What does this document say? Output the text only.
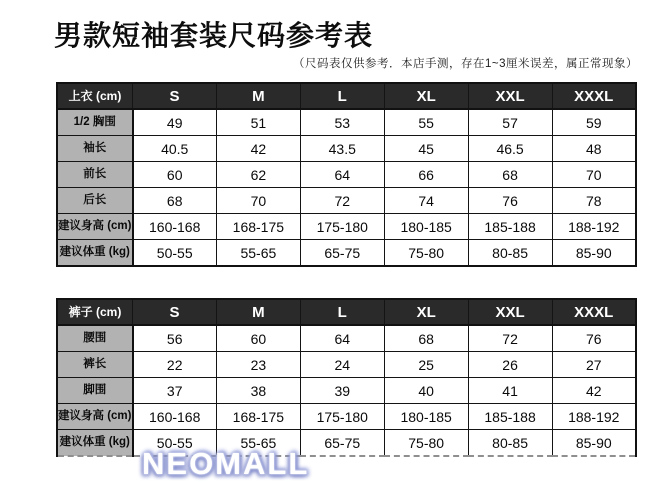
男款短袖套装尺码参考表
（尺码表仅供参考．本店手测，存在1~3厘米误差，属正常现象）
上衣 (cm)	S	M	L	XL	XXL	XXXL
1/2 胸围	49	51	53	55	57	59
袖长	40.5	42	43.5	45	46.5	48
前长	60	62	64	66	68	70
后长	68	70	72	74	76	78
建议身高 (cm)	160-168	168-175	175-180	180-185	185-188	188-192
建议体重 (kg)	50-55	55-65	65-75	75-80	80-85	85-90
裤子 (cm)	S	M	L	XL	XXL	XXXL
腰围	56	60	64	68	72	76
裤长	22	23	24	25	26	27
脚围	37	38	39	40	41	42
建议身高 (cm)	160-168	168-175	175-180	180-185	185-188	188-192
建议体重 (kg)	50-55	55-65	65-75	75-80	80-85	85-90
NEOMALL
